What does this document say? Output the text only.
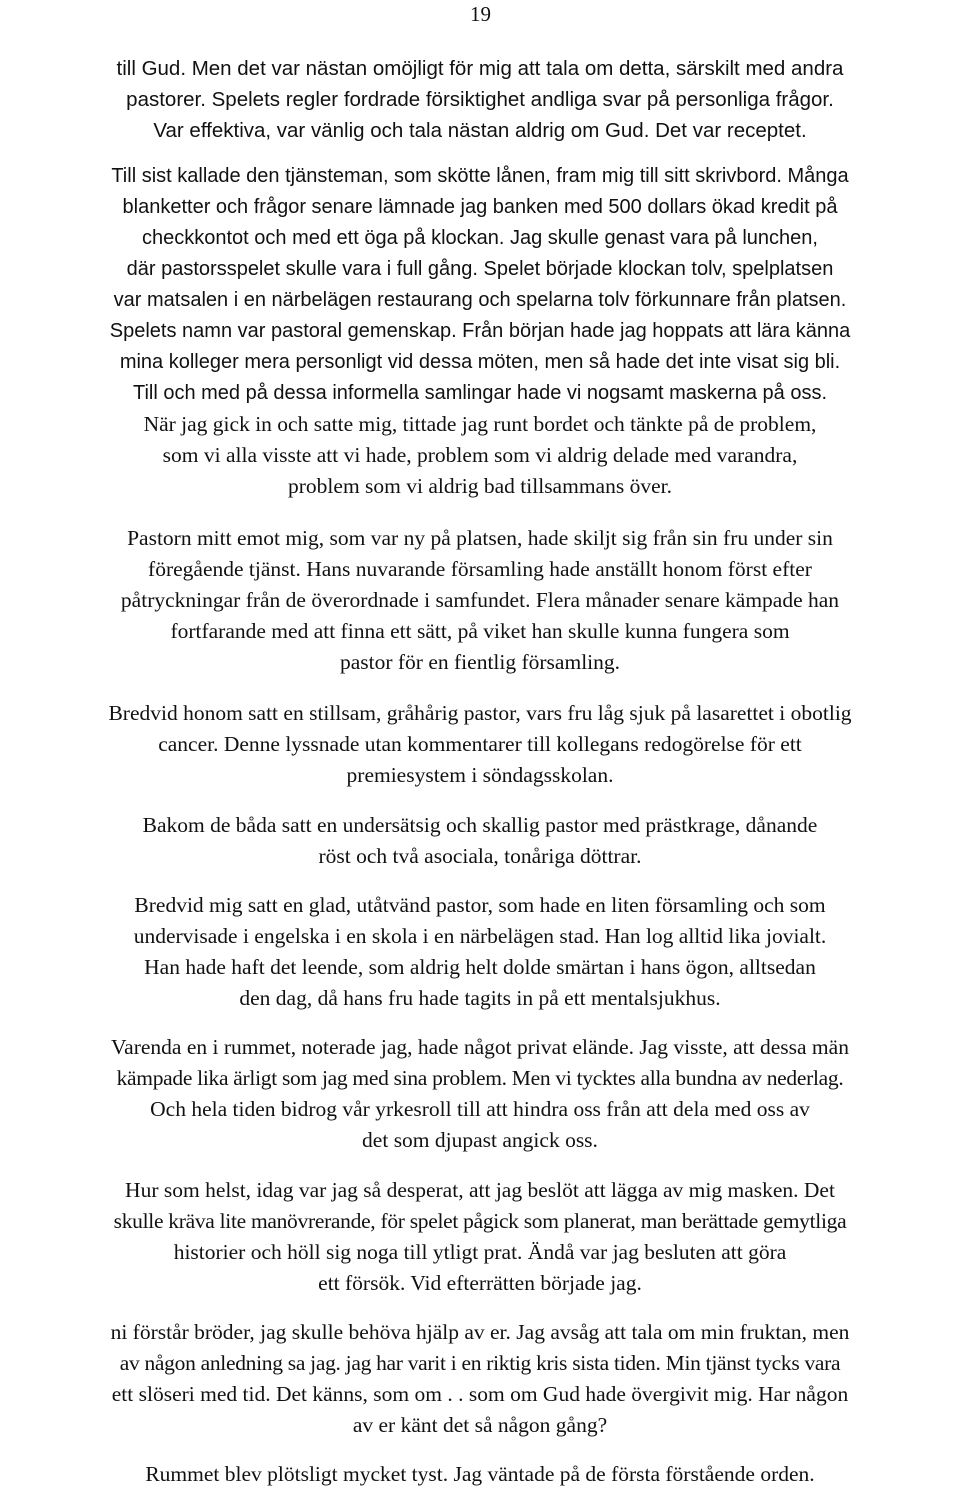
19
till Gud. Men det var nästan omöjligt för mig att tala om detta, särskilt med andra
pastorer. Spelets regler fordrade försiktighet andliga svar på personliga frågor.
Var effektiva, var vänlig och tala nästan aldrig om Gud. Det var receptet.
Till sist kallade den tjänsteman, som skötte lånen, fram mig till sitt skrivbord. Många
blanketter och frågor senare lämnade jag banken med 500 dollars ökad kredit på
checkkontot och med ett öga på klockan. Jag skulle genast vara på lunchen,
där pastorsspelet skulle vara i full gång. Spelet började klockan tolv, spelplatsen
var matsalen i en närbelägen restaurang och spelarna tolv förkunnare från platsen.
Spelets namn var pastoral gemenskap. Från början hade jag hoppats att lära känna
mina kolleger mera personligt vid dessa möten, men så hade det inte visat sig bli.
Till och med på dessa informella samlingar hade vi nogsamt maskerna på oss.
När jag gick in och satte mig, tittade jag runt bordet och tänkte på de problem,
som vi alla visste att vi hade, problem som vi aldrig delade med varandra,
problem som vi aldrig bad tillsammans över.
Pastorn mitt emot mig, som var ny på platsen, hade skiljt sig från sin fru under sin
föregående tjänst. Hans nuvarande församling hade anställt honom först efter
påtryckningar från de överordnade i samfundet. Flera månader senare kämpade han
fortfarande med att finna ett sätt, på viket han skulle kunna fungera som
pastor för en fientlig församling.
Bredvid honom satt en stillsam, gråhårig pastor, vars fru låg sjuk på lasarettet i obotlig
cancer. Denne lyssnade utan kommentarer till kollegans redogörelse för ett
premiesystem i söndagsskolan.
Bakom de båda satt en undersätsig och skallig pastor med prästkrage, dånande
röst och två asociala, tonåriga döttrar.
Bredvid mig satt en glad, utåtvänd pastor, som hade en liten församling och som
undervisade i engelska i en skola i en närbelägen stad. Han log alltid lika jovialt.
Han hade haft det leende, som aldrig helt dolde smärtan i hans ögon, alltsedan
den dag, då hans fru hade tagits in på ett mentalsjukhus.
Varenda en i rummet, noterade jag, hade något privat elände. Jag visste, att dessa män
kämpade lika ärligt som jag med sina problem. Men vi tycktes alla bundna av nederlag.
Och hela tiden bidrog vår yrkesroll till att hindra oss från att dela med oss av
det som djupast angick oss.
Hur som helst, idag var jag så desperat, att jag beslöt att lägga av mig masken. Det
skulle kräva lite manövrerande, för spelet pågick som planerat, man berättade gemytliga
historier och höll sig noga till ytligt prat. Ändå var jag besluten att göra
ett försök. Vid efterrätten började jag.
ni förstår bröder, jag skulle behöva hjälp av er. Jag avsåg att tala om min fruktan, men
av någon anledning sa jag. jag har varit i en riktig kris sista tiden. Min tjänst tycks vara
ett slöseri med tid. Det känns, som om . . som om Gud hade övergivit mig. Har någon
av er känt det så någon gång?
Rummet blev plötsligt mycket tyst. Jag väntade på de första förstående orden.
